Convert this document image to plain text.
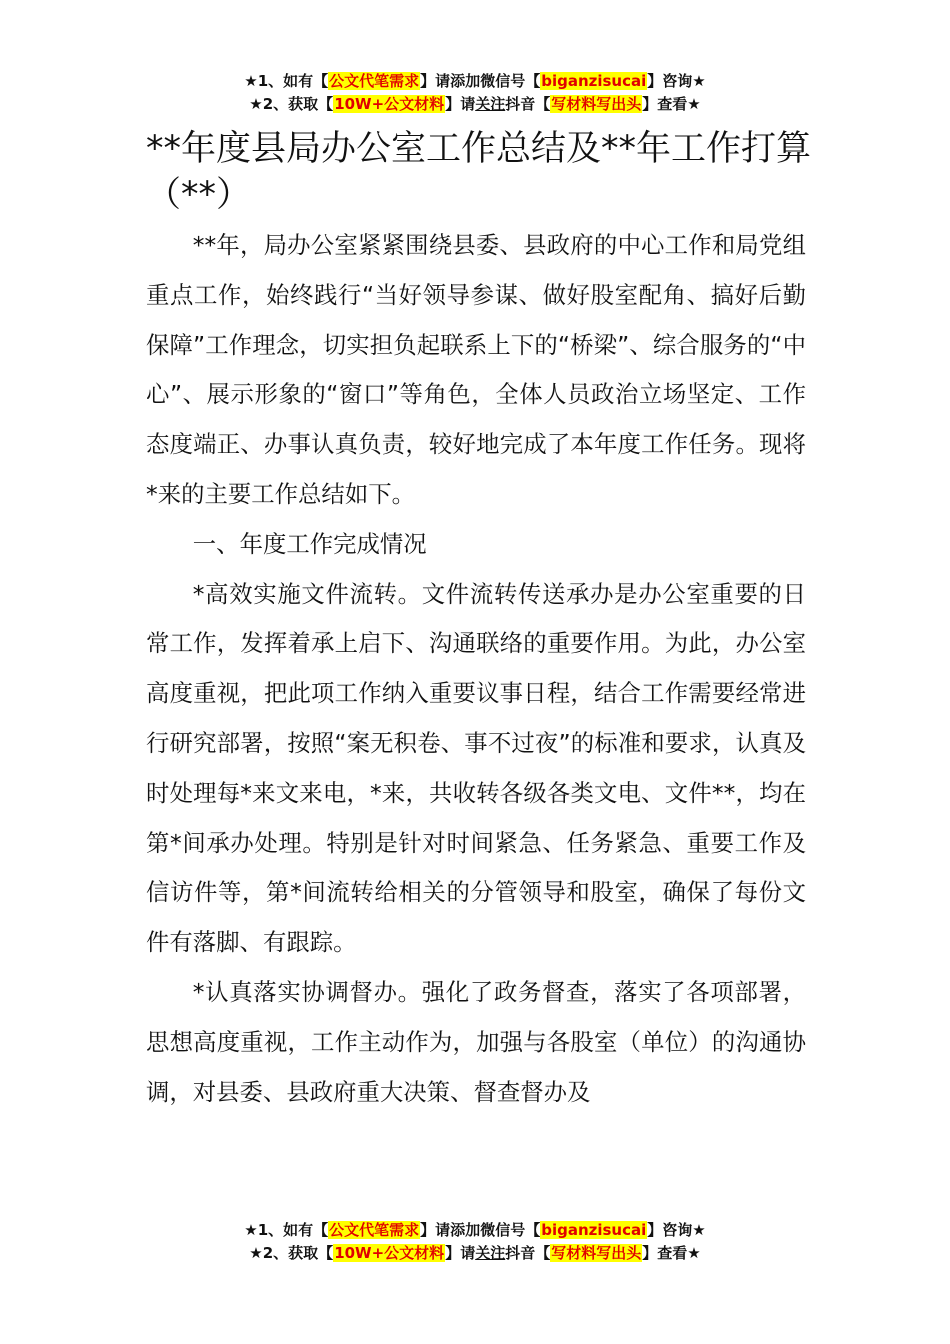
★1、如有【公文代笔需求】请添加微信号【biganzisucai】咨询★
★2、获取【10W+公文材料】请关注抖音【写材料写出头】查看★
**年度县局办公室工作总结及**年工作打算（**）

**年，局办公室紧紧围绕县委、县政府的中心工作和局党组重点工作，始终践行“当好领导参谋、做好股室配角、搞好后勤保障”工作理念，切实担负起联系上下的“桥梁”、综合服务的“中心”、展示形象的“窗口”等角色，全体人员政治立场坚定、工作态度端正、办事认真负责，较好地完成了本年度工作任务。现将*来的主要工作总结如下。

一、年度工作完成情况

*高效实施文件流转。文件流转传送承办是办公室重要的日常工作，发挥着承上启下、沟通联络的重要作用。为此，办公室高度重视，把此项工作纳入重要议事日程，结合工作需要经常进行研究部署，按照“案无积卷、事不过夜”的标准和要求，认真及时处理每*来文来电，*来，共收转各级各类文电、文件**，均在第*间承办处理。特别是针对时间紧急、任务紧急、重要工作及信访件等，第*间流转给相关的分管领导和股室，确保了每份文件有落脚、有跟踪。

*认真落实协调督办。强化了政务督查，落实了各项部署，思想高度重视，工作主动作为，加强与各股室（单位）的沟通协调，对县委、县政府重大决策、督查督办及

★1、如有【公文代笔需求】请添加微信号【biganzisucai】咨询★
★2、获取【10W+公文材料】请关注抖音【写材料写出头】查看★
